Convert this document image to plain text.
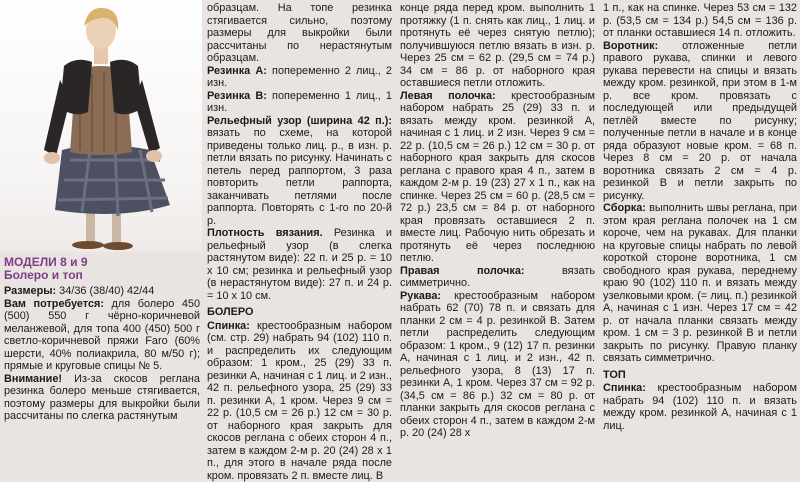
МОДЕЛИ 8 и 9

Болеро и топ

Размеры: 34/36 (38/40) 42/44

Вам потребуется: для болеро 450 (500) 550 г чёрно-коричневой меланжевой, для топа 400 (450) 500 г светло-коричневой пряжи Faro (60% шерсти, 40% полиакрила, 80 м/50 г); прямые и круговые спицы № 5.

Внимание! Из-за скосов реглана резинка болеро меньше стягивается, поэтому размеры для выкройки были рассчитаны по слегка растянутым

образцам. На топе резинка стягивается сильно, поэтому размеры для выкройки были рассчитаны по нерастянутым образцам.

Резинка А: попеременно 2 лиц., 2 изн.

Резинка В: попеременно 1 лиц., 1 изн.

Рельефный узор (ширина 42 п.): вязать по схеме, на которой приведены только лиц. р., в изн. р. петли вязать по рисунку. Начинать с петель перед раппортом, 3 раза повторить петли раппорта, заканчивать петлями после раппорта. Повторять с 1-го по 20-й р.

Плотность вязания. Резинка и рельефный узор (в слегка растянутом виде): 22 п. и 25 р. = 10 х 10 см; резинка и рельефный узор (в нерастянутом виде): 27 п. и 24 р. = 10 х 10 см.

БОЛЕРО

Спинка: крестообразным набором (см. стр. 29) набрать 94 (102) 110 п. и распределить их следующим образом: 1 кром., 25 (29) 33 п. резинки А, начиная с 1 лиц. и 2 изн., 42 п. рельефного узора, 25 (29) 33 п. резинки А, 1 кром. Через 9 см = 22 р. (10,5 см = 26 р.) 12 см = 30 р. от наборного края закрыть для скосов реглана с обеих сторон 4 п., затем в каждом 2-м р. 20 (24) 28 х 1 п., для этого в начале ряда после кром. провязать 2 п. вместе лиц. В

конце ряда перед кром. выполнить 1 протяжку (1 п. снять как лиц., 1 лиц. и протянуть её через снятую петлю); получившуюся петлю вязать в изн. р. Через 25 см = 62 р. (29,5 см = 74 р.) 34 см = 86 р. от наборного края оставшиеся петли отложить.

Левая полочка: крестообразным набором набрать 25 (29) 33 п. и вязать между кром. резинкой А, начиная с 1 лиц. и 2 изн. Через 9 см = 22 р. (10,5 см = 26 р.) 12 см = 30 р. от наборного края закрыть для скосов реглана с правого края 4 п., затем в каждом 2-м р. 19 (23) 27 х 1 п., как на спинке. Через 25 см = 60 р. (28,5 см = 72 р.) 23,5 см = 84 р. от наборного края провязать оставшиеся 2 п. вместе лиц. Рабочую нить обрезать и протянуть её через последнюю петлю.

Правая полочка: вязать симметрично.

Рукава: крестообразным набором набрать 62 (70) 78 п. и связать для планки 2 см = 4 р. резинкой В. Затем петли распределить следующим образом: 1 кром., 9 (12) 17 п. резинки А, начиная с 1 лиц. и 2 изн., 42 п. рельефного узора, 8 (13) 17 п. резинки А, 1 кром. Через 37 см = 92 р. (34,5 см = 86 р.) 32 см = 80 р. от планки закрыть для скосов реглана с обеих сторон 4 п., затем в каждом 2-м р. 20 (24) 28 х

1 п., как на спинке. Через 53 см = 132 р. (53,5 см = 134 р.) 54,5 см = 136 р. от планки оставшиеся 14 п. отложить.

Воротник: отложенные петли правого рукава, спинки и левого рукава перевести на спицы и вязать между кром. резинкой, при этом в 1-м р. все кром. провязать с последующей или предыдущей петлёй вместе по рисунку; полученные петли в начале и в конце ряда образуют новые кром. = 68 п. Через 8 см = 20 р. от начала воротника связать 2 см = 4 р. резинкой В и петли закрыть по рисунку.

Сборка: выполнить швы реглана, при этом края реглана полочек на 1 см короче, чем на рукавах. Для планки на круговые спицы набрать по левой короткой стороне воротника, 1 см свободного края рукава, переднему краю 90 (102) 110 п. и вязать между узелковыми кром. (= лиц. п.) резинкой А, начиная с 1 изн. Через 17 см = 42 р. от начала планки связать между кром. 1 см = 3 р. резинкой В и петли закрыть по рисунку. Правую планку связать симметрично.

ТОП

Спинка: крестообразным набором набрать 94 (102) 110 п. и вязать между кром. резинкой А, начиная с 1 лиц.
